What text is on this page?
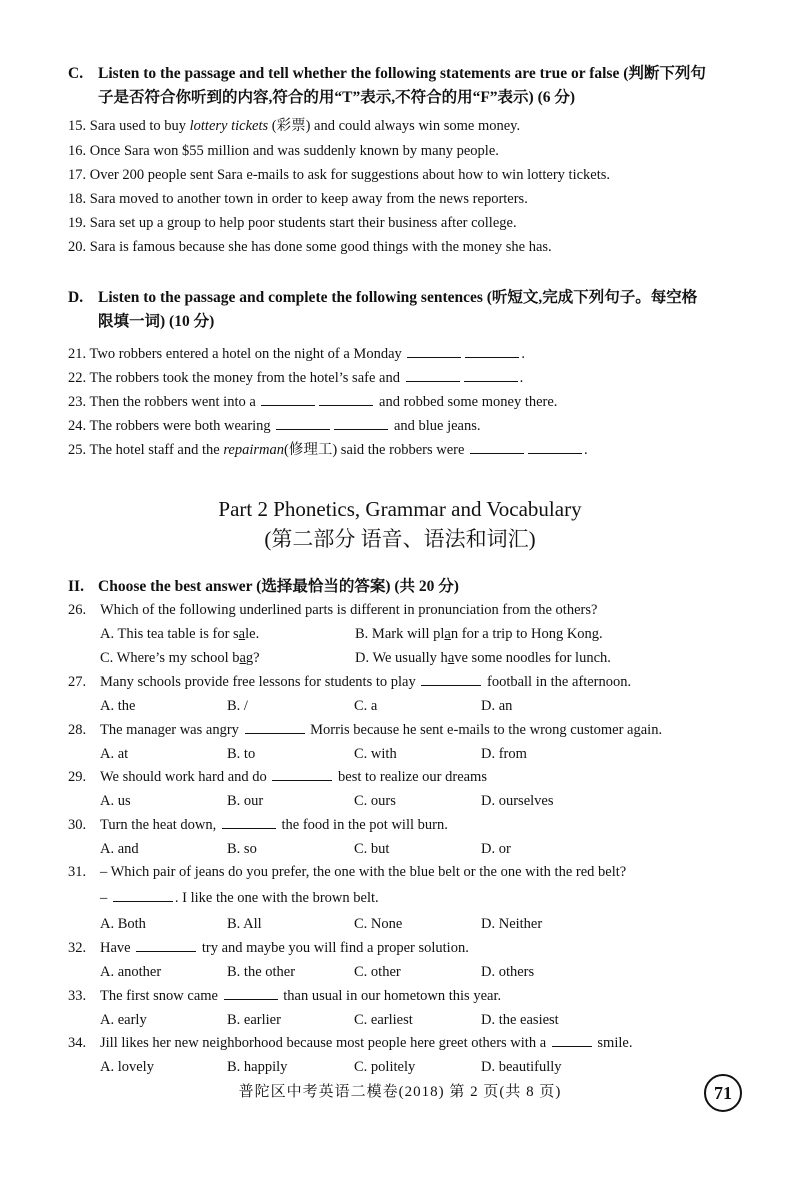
C. Listen to the passage and tell whether the following statements are true or false (判断下列句
子是否符合你听到的内容,符合的用“T”表示,不符合的用“F”表示) (6 分)
15. Sara used to buy lottery tickets (彩票) and could always win some money.
16. Once Sara won $55 million and was suddenly known by many people.
17. Over 200 people sent Sara e-mails to ask for suggestions about how to win lottery tickets.
18. Sara moved to another town in order to keep away from the news reporters.
19. Sara set up a group to help poor students start their business after college.
20. Sara is famous because she has done some good things with the money she has.
D. Listen to the passage and complete the following sentences (听短文,完成下列句子。每空格
限填一词) (10 分)
21. Two robbers entered a hotel on the night of a Monday	.
22. The robbers took the money from the hotel’s safe and	.
23. Then the robbers went into a	and robbed some money there.
24. The robbers were both wearing	and blue jeans.
25. The hotel staff and the repairman(修理工) said the robbers were	.
Part 2 Phonetics, Grammar and Vocabulary
(第二部分 语音、语法和词汇)
II. Choose the best answer (选择最恰当的答案) (共 20 分)
26. Which of the following underlined parts is different in pronunciation from the others?
A. This tea table is for sale.	B. Mark will plan for a trip to Hong Kong.
C. Where’s my school bag?	D. We usually have some noodles for lunch.
27. Many schools provide free lessons for students to play	football in the afternoon.
A. the	B. /	C. a	D. an
28. The manager was angry	Morris because he sent e-mails to the wrong customer again.
A. at	B. to	C. with	D. from
29. We should work hard and do	best to realize our dreams
A. us	B. our	C. ours	D. ourselves
30. Turn the heat down,	the food in the pot will burn.
A. and	B. so	C. but	D. or
31. – Which pair of jeans do you prefer, the one with the blue belt or the one with the red belt?
–	. I like the one with the brown belt.
A. Both	B. All	C. None	D. Neither
32. Have	try and maybe you will find a proper solution.
A. another	B. the other	C. other	D. others
33. The first snow came	than usual in our hometown this year.
A. early	B. earlier	C. earliest	D. the easiest
34. Jill likes her new neighborhood because most people here greet others with a	smile.
A. lovely	B. happily	C. politely	D. beautifully
普陀区中考英语二模卷(2018) 第 2 页(共 8 页)	71
